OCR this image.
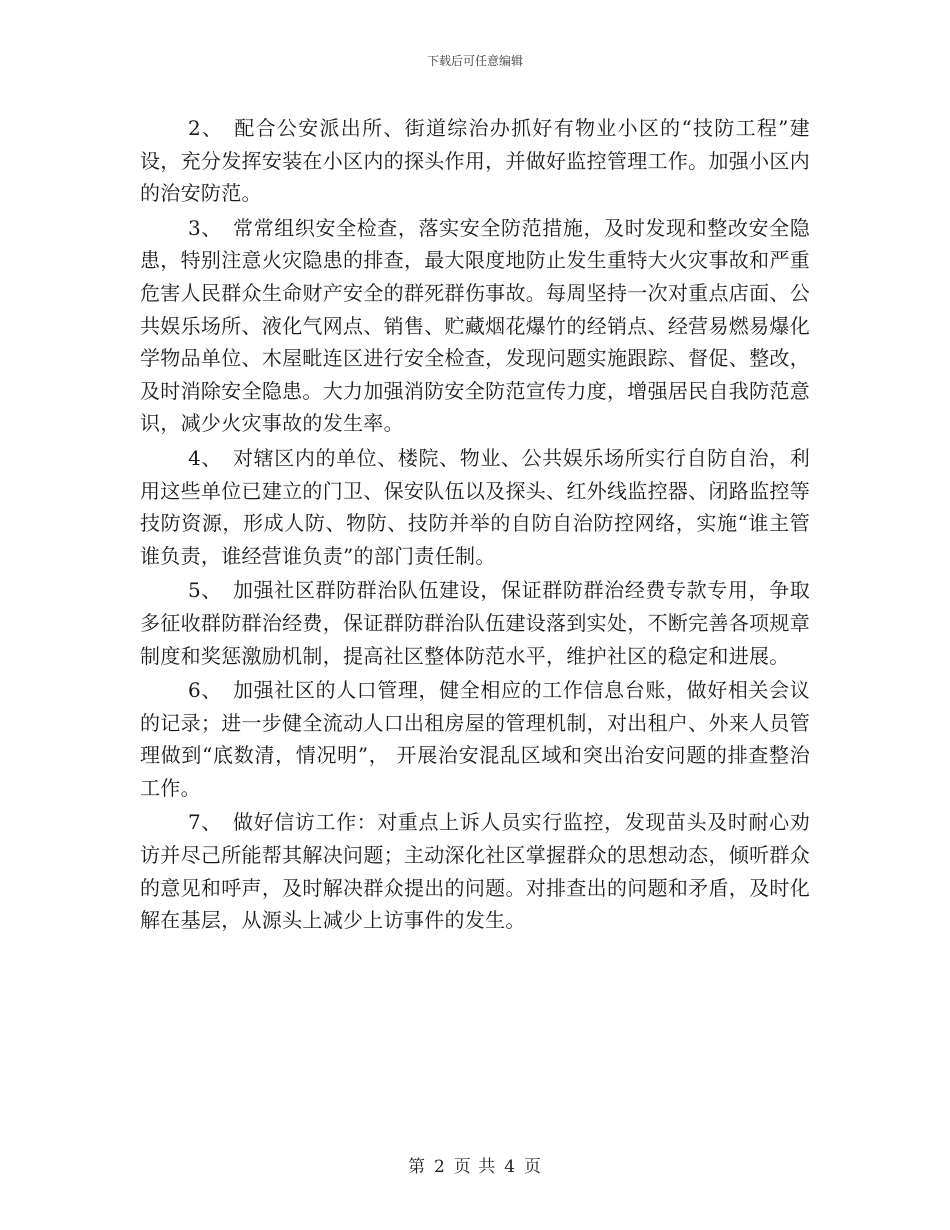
下载后可任意编辑

2、 配合公安派出所、街道综治办抓好有物业小区的“技防工程”建设，充分发挥安装在小区内的探头作用，并做好监控管理工作。加强小区内的治安防范。

3、 常常组织安全检查，落实安全防范措施，及时发现和整改安全隐患，特别注意火灾隐患的排查，最大限度地防止发生重特大火灾事故和严重危害人民群众生命财产安全的群死群伤事故。每周坚持一次对重点店面、公共娱乐场所、液化气网点、销售、贮藏烟花爆竹的经销点、经营易燃易爆化学物品单位、木屋毗连区进行安全检查，发现问题实施跟踪、督促、整改，及时消除安全隐患。大力加强消防安全防范宣传力度，增强居民自我防范意识，减少火灾事故的发生率。

4、 对辖区内的单位、楼院、物业、公共娱乐场所实行自防自治，利用这些单位已建立的门卫、保安队伍以及探头、红外线监控器、闭路监控等技防资源，形成人防、物防、技防并举的自防自治防控网络，实施“谁主管谁负责，谁经营谁负责”的部门责任制。

5、 加强社区群防群治队伍建设，保证群防群治经费专款专用，争取多征收群防群治经费，保证群防群治队伍建设落到实处，不断完善各项规章制度和奖惩激励机制，提高社区整体防范水平，维护社区的稳定和进展。

6、 加强社区的人口管理，健全相应的工作信息台账，做好相关会议的记录；进一步健全流动人口出租房屋的管理机制，对出租户、外来人员管理做到“底数清，情况明”， 开展治安混乱区域和突出治安问题的排查整治工作。

7、 做好信访工作：对重点上诉人员实行监控，发现苗头及时耐心劝访并尽己所能帮其解决问题；主动深化社区掌握群众的思想动态，倾听群众的意见和呼声，及时解决群众提出的问题。对排查出的问题和矛盾，及时化解在基层，从源头上减少上访事件的发生。

第 2 页 共 4 页
